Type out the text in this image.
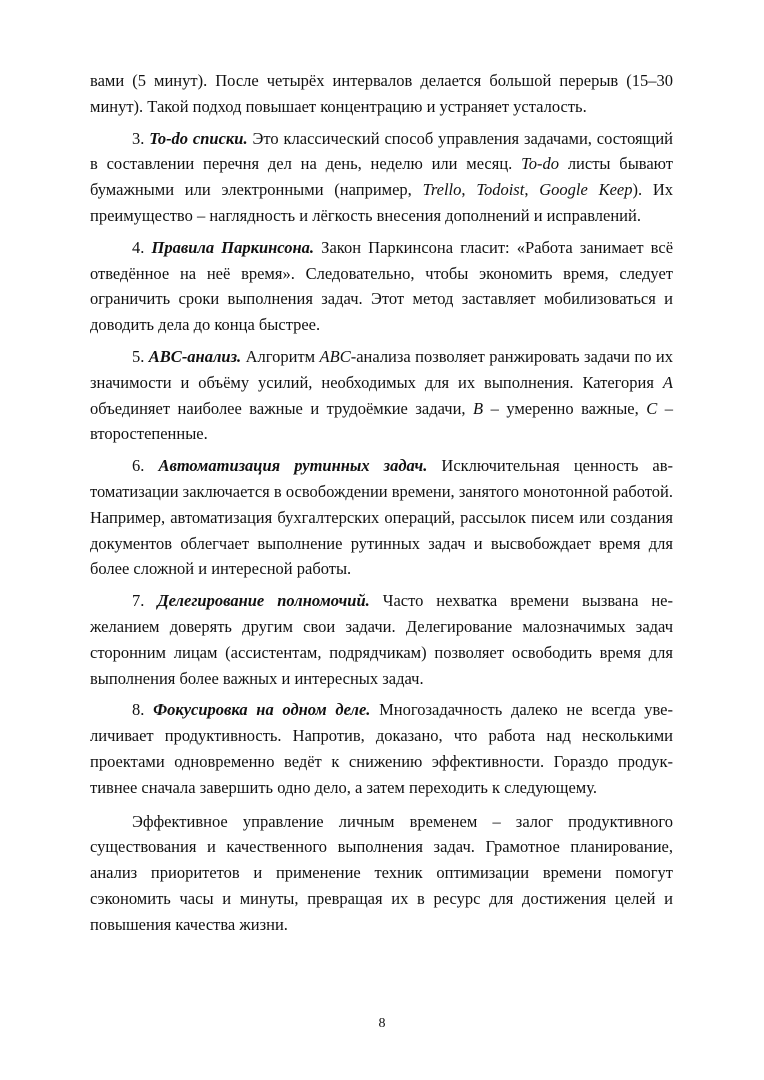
вами (5 минут). После четырёх интервалов делается большой перерыв (15–30 минут). Такой подход повышает концентрацию и устраняет усталость.

3. To-do списки. Это классический способ управления задачами, состоящий в составлении перечня дел на день, неделю или месяц. To-do листы бывают бумажными или электронными (например, Trello, Todoist, Google Keep). Их преимущество – наглядность и лёгкость внесения дополнений и исправлений.

4. Правила Паркинсона. Закон Паркинсона гласит: «Работа занимает всё отведённое на неё время». Следовательно, чтобы экономить время, следует ограничить сроки выполнения задач. Этот метод заставляет мобилизоваться и доводить дела до конца быстрее.

5. ABC-анализ. Алгоритм ABC-анализа позволяет ранжировать задачи по их значимости и объёму усилий, необходимых для их выполнения. Категория A объединяет наиболее важные и трудоёмкие задачи, B – умеренно важные, C – второстепенные.

6. Автоматизация рутинных задач. Исключительная ценность автоматизации заключается в освобождении времени, занятого монотонной работой. Например, автоматизация бухгалтерских операций, рассылок писем или создания документов облегчает выполнение рутинных задач и высвобождает время для более сложной и интересной работы.

7. Делегирование полномочий. Часто нехватка времени вызвана нежеланием доверять другим свои задачи. Делегирование малозначимых задач сторонним лицам (ассистентам, подрядчикам) позволяет освободить время для выполнения более важных и интересных задач.

8. Фокусировка на одном деле. Многозадачность далеко не всегда увеличивает продуктивность. Напротив, доказано, что работа над несколькими проектами одновременно ведёт к снижению эффективности. Гораздо продуктивнее сначала завершить одно дело, а затем переходить к следующему.

Эффективное управление личным временем – залог продуктивного существования и качественного выполнения задач. Грамотное планирование, анализ приоритетов и применение техник оптимизации времени помогут сэкономить часы и минуты, превращая их в ресурс для достижения целей и повышения качества жизни.

8
